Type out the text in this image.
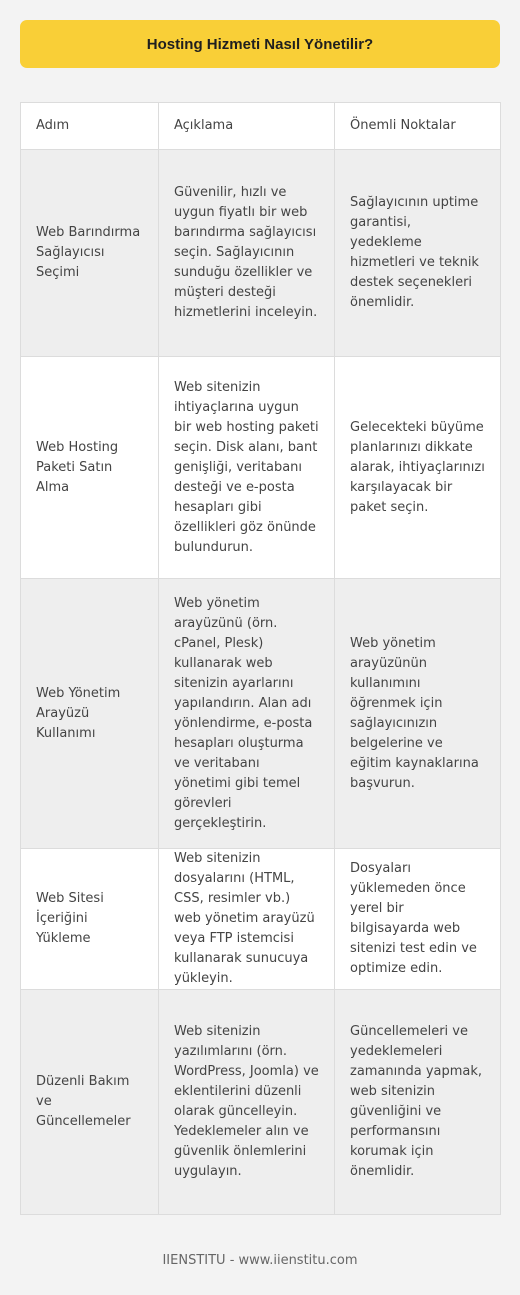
Hosting Hizmeti Nasıl Yönetilir?
Adım	Açıklama	Önemli Noktalar
Web Barındırma Sağlayıcısı Seçimi	Güvenilir, hızlı ve uygun fiyatlı bir web barındırma sağlayıcısı seçin. Sağlayıcının sunduğu özellikler ve müşteri desteği hizmetlerini inceleyin.	Sağlayıcının uptime garantisi, yedekleme hizmetleri ve teknik destek seçenekleri önemlidir.
Web Hosting Paketi Satın Alma	Web sitenizin ihtiyaçlarına uygun bir web hosting paketi seçin. Disk alanı, bant genişliği, veritabanı desteği ve e-posta hesapları gibi özellikleri göz önünde bulundurun.	Gelecekteki büyüme planlarınızı dikkate alarak, ihtiyaçlarınızı karşılayacak bir paket seçin.
Web Yönetim Arayüzü Kullanımı	Web yönetim arayüzünü (örn. cPanel, Plesk) kullanarak web sitenizin ayarlarını yapılandırın. Alan adı yönlendirme, e-posta hesapları oluşturma ve veritabanı yönetimi gibi temel görevleri gerçekleştirin.	Web yönetim arayüzünün kullanımını öğrenmek için sağlayıcınızın belgelerine ve eğitim kaynaklarına başvurun.
Web Sitesi İçeriğini Yükleme	Web sitenizin dosyalarını (HTML, CSS, resimler vb.) web yönetim arayüzü veya FTP istemcisi kullanarak sunucuya yükleyin.	Dosyaları yüklemeden önce yerel bir bilgisayarda web sitenizi test edin ve optimize edin.
Düzenli Bakım ve Güncellemeler	Web sitenizin yazılımlarını (örn. WordPress, Joomla) ve eklentilerini düzenli olarak güncelleyin. Yedeklemeler alın ve güvenlik önlemlerini uygulayın.	Güncellemeleri ve yedeklemeleri zamanında yapmak, web sitenizin güvenliğini ve performansını korumak için önemlidir.
IIENSTITU - www.iienstitu.com
